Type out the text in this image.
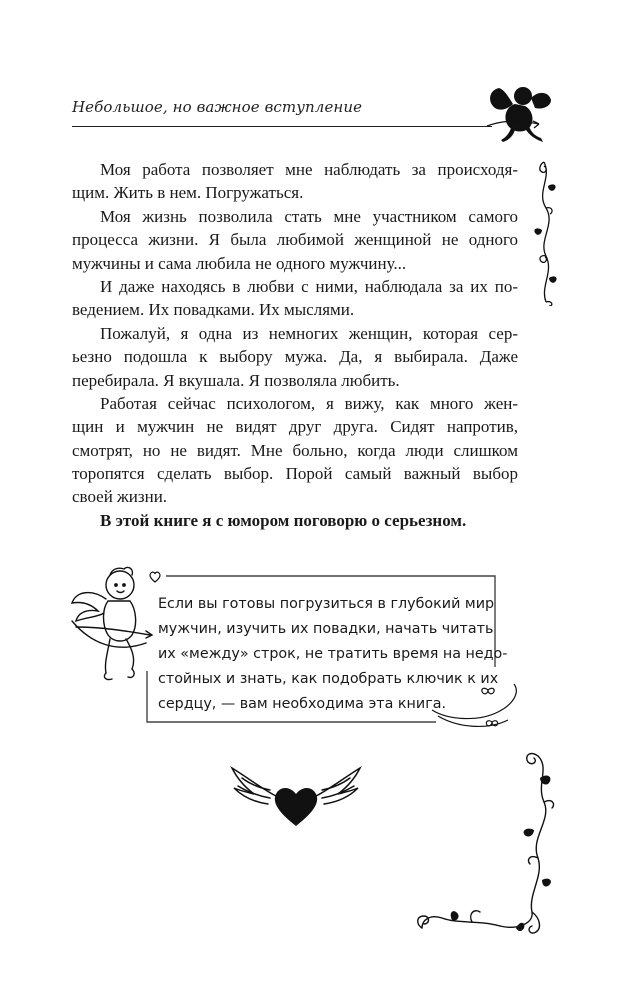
Небольшое, но важное вступление
Моя работа позволяет мне наблюдать за происходя-
щим. Жить в нем. Погружаться.
Моя жизнь позволила стать мне участником самого
процесса жизни. Я была любимой женщиной не одного
мужчины и сама любила не одного мужчину...
И даже находясь в любви с ними, наблюдала за их по-
ведением. Их повадками. Их мыслями.
Пожалуй, я одна из немногих женщин, которая сер-
ьезно подошла к выбору мужа. Да, я выбирала. Даже
перебирала. Я вкушала. Я позволяла любить.
Работая сейчас психологом, я вижу, как много жен-
щин и мужчин не видят друг друга. Сидят напротив,
смотрят, но не видят. Мне больно, когда люди слишком
торопятся сделать выбор. Порой самый важный выбор
своей жизни.
В этой книге я с юмором поговорю о серьезном.
Если вы готовы погрузиться в глубокий мир
мужчин, изучить их повадки, начать читать
их «между» строк, не тратить время на недо-
стойных и знать, как подобрать ключик к их
сердцу, — вам необходима эта книга.
